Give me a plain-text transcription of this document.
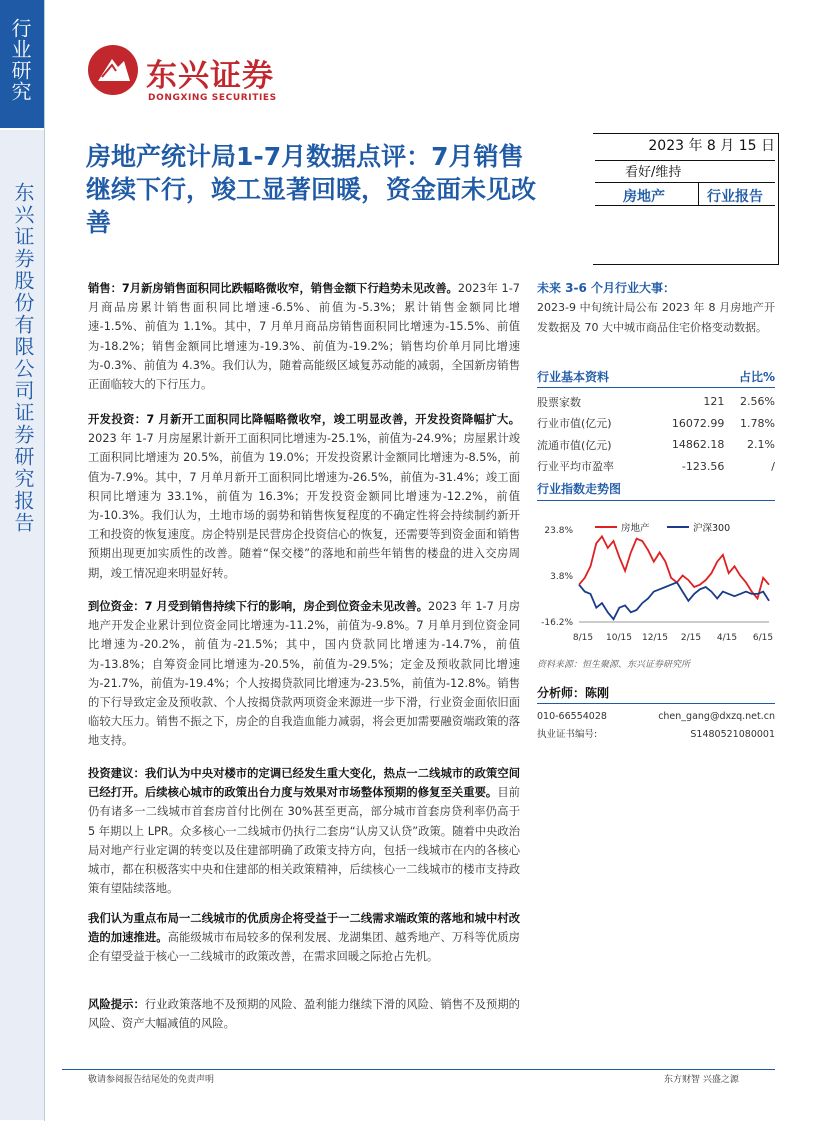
行业研究
东兴证券股份有限公司证券研究报告
东兴证券
DONGXING SECURITIES
房地产统计局1-7月数据点评：7月销售继续下行，竣工显著回暖，资金面未见改善
2023 年 8 月 15 日
看好/维持
房地产	行业报告
销售：7月新房销售面积同比跌幅略微收窄，销售金额下行趋势未见改善。2023年 1-7 月商品房累计销售面积同比增速-6.5%、前值为-5.3%；累计销售金额同比增速-1.5%、前值为 1.1%。其中，7 月单月商品房销售面积同比增速为-15.5%、前值为-18.2%；销售金额同比增速为-19.3%、前值为-19.2%；销售均价单月同比增速为-0.3%、前值为 4.3%。我们认为，随着高能级区域复苏动能的减弱，全国新房销售正面临较大的下行压力。
开发投资：7 月新开工面积同比降幅略微收窄，竣工明显改善，开发投资降幅扩大。2023 年 1-7 月房屋累计新开工面积同比增速为-25.1%，前值为-24.9%；房屋累计竣工面积同比增速为 20.5%，前值为 19.0%；开发投资累计金额同比增速为-8.5%，前值为-7.9%。其中，7 月单月新开工面积同比增速为-26.5%，前值为-31.4%；竣工面积同比增速为 33.1%，前值为 16.3%；开发投资金额同比增速为-12.2%，前值为-10.3%。我们认为，土地市场的弱势和销售恢复程度的不确定性将会持续制约新开工和投资的恢复速度。房企特别是民营房企投资信心的恢复，还需要等到资金面和销售预期出现更加实质性的改善。随着“保交楼”的落地和前些年销售的楼盘的进入交房周期，竣工情况迎来明显好转。
到位资金：7 月受到销售持续下行的影响，房企到位资金未见改善。2023 年 1-7 月房地产开发企业累计到位资金同比增速为-11.2%，前值为-9.8%。7 月单月到位资金同比增速为-20.2%，前值为-21.5%；其中，国内贷款同比增速为-14.7%，前值为-13.8%；自筹资金同比增速为-20.5%，前值为-29.5%；定金及预收款同比增速为-21.7%，前值为-19.4%；个人按揭贷款同比增速为-23.5%，前值为-12.8%。销售的下行导致定金及预收款、个人按揭贷款两项资金来源进一步下滑，行业资金面依旧面临较大压力。销售不振之下，房企的自我造血能力减弱，将会更加需要融资端政策的落地支持。
投资建议：我们认为中央对楼市的定调已经发生重大变化，热点一二线城市的政策空间已经打开。后续核心城市的政策出台力度与效果对市场整体预期的修复至关重要。目前仍有诸多一二线城市首套房首付比例在 30%甚至更高，部分城市首套房贷利率仍高于 5 年期以上 LPR。众多核心一二线城市仍执行二套房“认房又认贷”政策。随着中央政治局对地产行业定调的转变以及住建部明确了政策支持方向，包括一线城市在内的各核心城市，都在积极落实中央和住建部的相关政策精神，后续核心一二线城市的楼市支持政策有望陆续落地。
我们认为重点布局一二线城市的优质房企将受益于一二线需求端政策的落地和城中村改造的加速推进。高能级城市布局较多的保利发展、龙湖集团、越秀地产、万科等优质房企有望受益于核心一二线城市的政策改善，在需求回暖之际抢占先机。
风险提示：行业政策落地不及预期的风险、盈利能力继续下滑的风险、销售不及预期的风险、资产大幅减值的风险。
未来 3-6 个月行业大事：
2023-9 中旬统计局公布 2023 年 8 月房地产开发数据及 70 大中城市商品住宅价格变动数据。
行业基本资料	占比%
股票家数	121	2.56%
行业市值(亿元)	16072.99	1.78%
流通市值(亿元)	14862.18	2.1%
行业平均市盈率	-123.56	/
行业指数走势图
23.8%
3.8%
-16.2%
8/15 10/15 12/15 2/15 4/15 6/15
房地产	沪深300
资料来源：恒生聚源、东兴证券研究所
分析师：陈刚
010-66554028	chen_gang@dxzq.net.cn
执业证书编号:	S1480521080001
敬请参阅报告结尾处的免责声明	东方财智 兴盛之源
